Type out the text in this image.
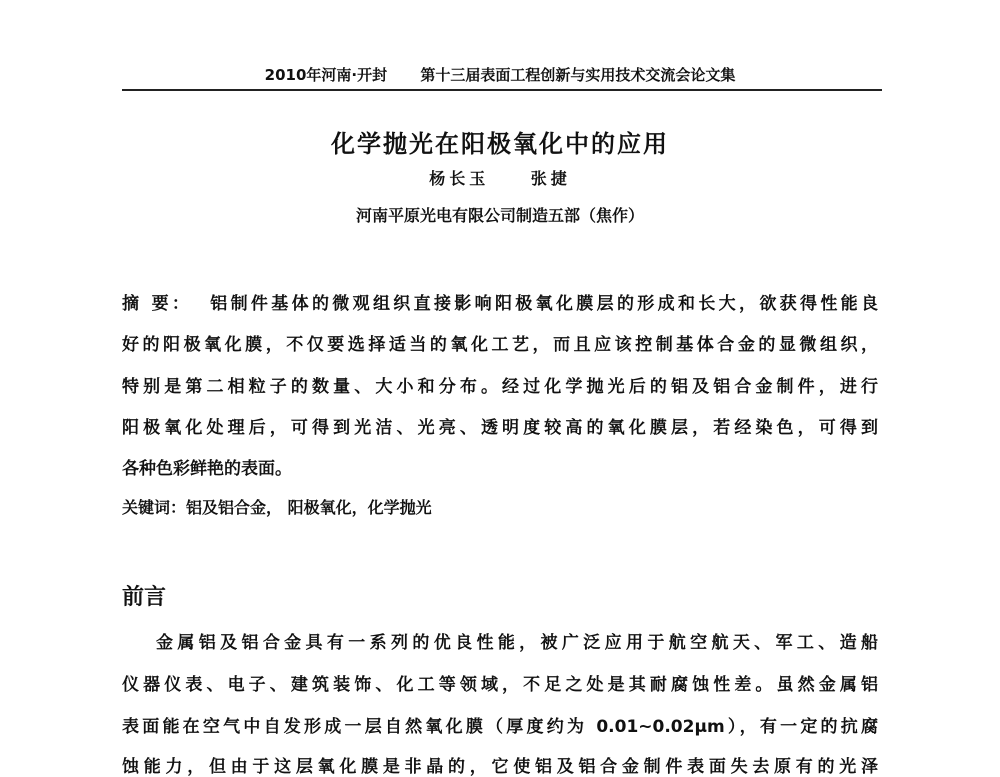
2010年河南·开封 第十三届表面工程创新与实用技术交流会论文集
化学抛光在阳极氧化中的应用
杨长玉	张捷
河南平原光电有限公司制造五部（焦作）
摘 要： 铝制件基体的微观组织直接影响阳极氧化膜层的形成和长大，欲获得性能良
好的阳极氧化膜，不仅要选择适当的氧化工艺，而且应该控制基体合金的显微组织，
特别是第二相粒子的数量、大小和分布。经过化学抛光后的铝及铝合金制件，进行
阳极氧化处理后，可得到光洁、光亮、透明度较高的氧化膜层，若经染色，可得到
各种色彩鲜艳的表面。
关键词：铝及铝合金， 阳极氧化，化学抛光
前言
金属铝及铝合金具有一系列的优良性能，被广泛应用于航空航天、军工、造船
仪器仪表、电子、建筑装饰、化工等领域，不足之处是其耐腐蚀性差。虽然金属铝
表面能在空气中自发形成一层自然氧化膜（厚度约为 0.01~0.02μm），有一定的抗腐
蚀能力，但由于这层氧化膜是非晶的，它使铝及铝合金制件表面失去原有的光泽
